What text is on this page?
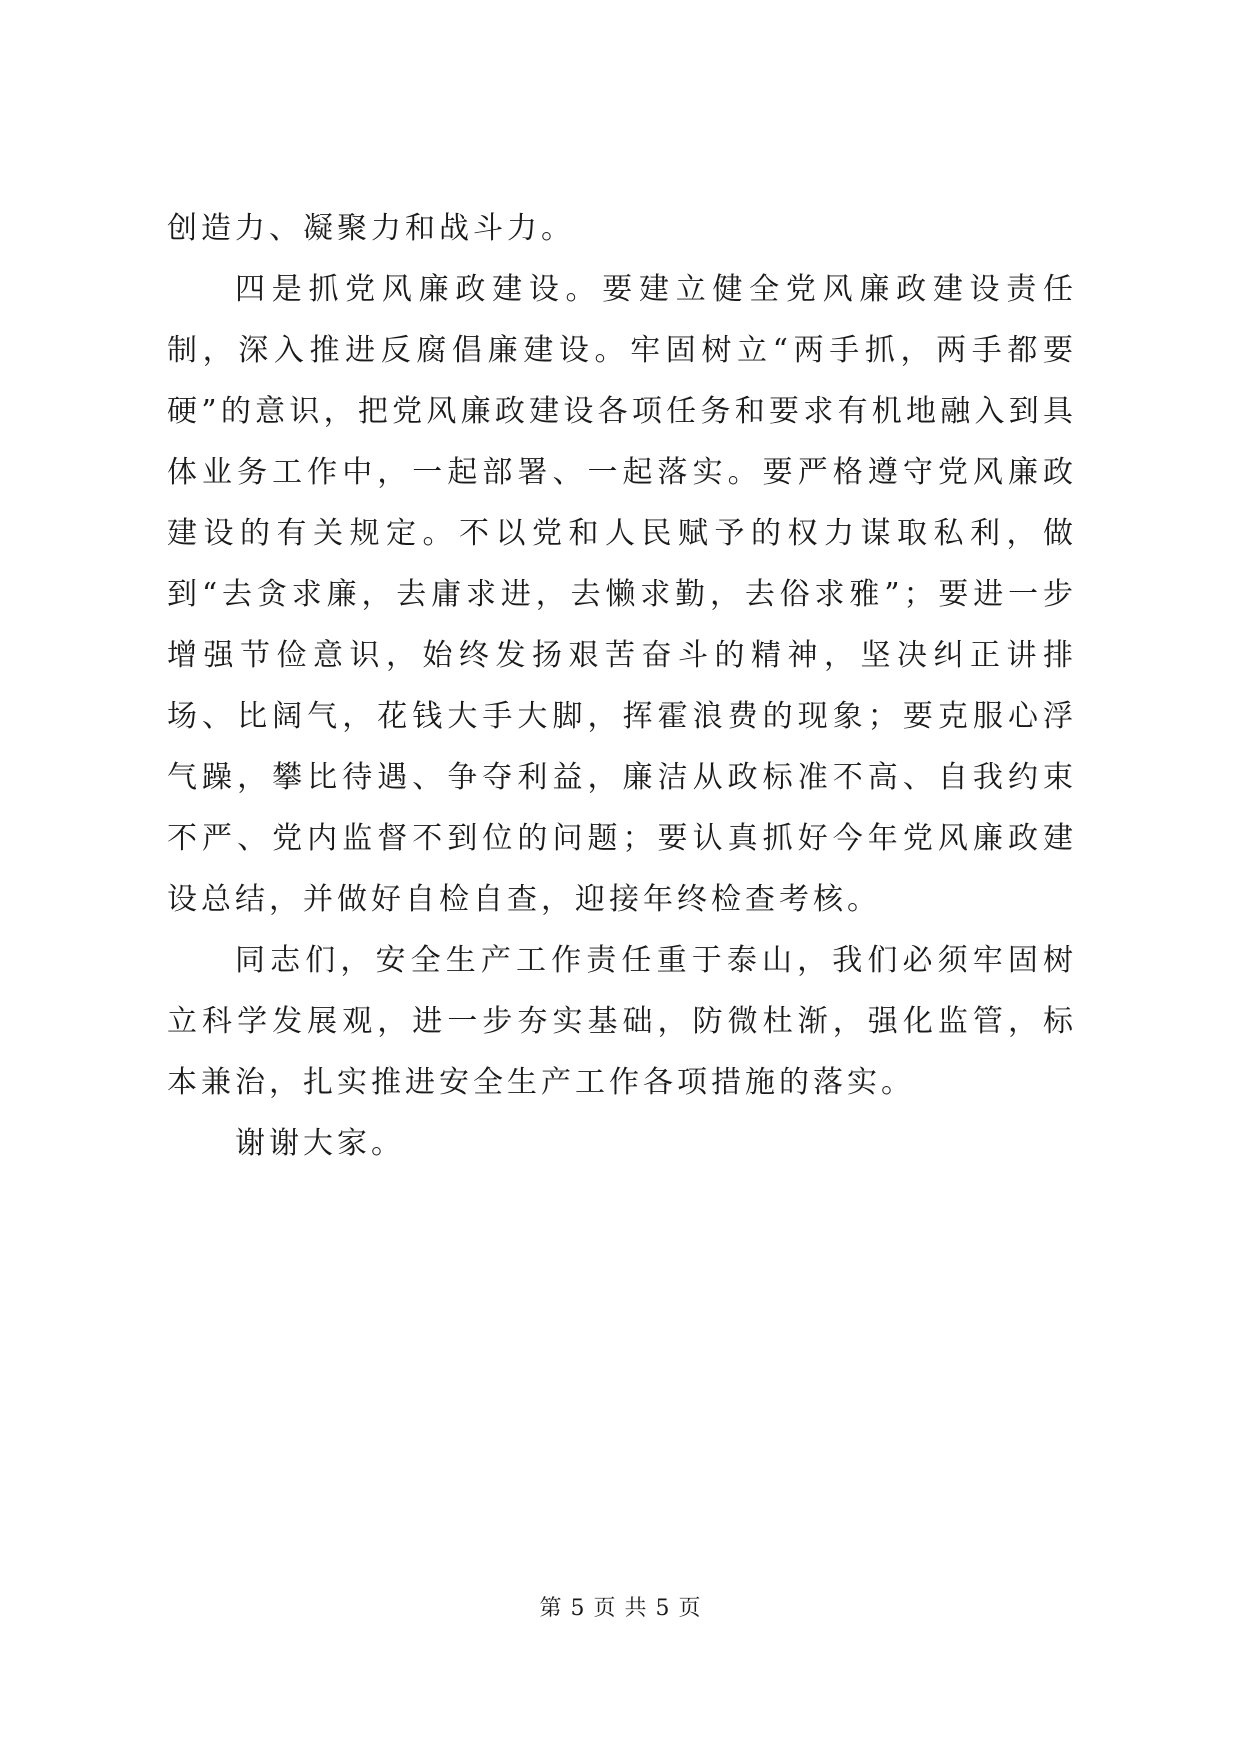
创造力、凝聚力和战斗力。

四是抓党风廉政建设。要建立健全党风廉政建设责任制，深入推进反腐倡廉建设。牢固树立“两手抓，两手都要硬”的意识，把党风廉政建设各项任务和要求有机地融入到具体业务工作中，一起部署、一起落实。要严格遵守党风廉政建设的有关规定。不以党和人民赋予的权力谋取私利，做到“去贪求廉，去庸求进，去懒求勤，去俗求雅”；要进一步增强节俭意识，始终发扬艰苦奋斗的精神，坚决纠正讲排场、比阔气，花钱大手大脚，挥霍浪费的现象；要克服心浮气躁，攀比待遇、争夺利益，廉洁从政标准不高、自我约束不严、党内监督不到位的问题；要认真抓好今年党风廉政建设总结，并做好自检自查，迎接年终检查考核。

同志们，安全生产工作责任重于泰山，我们必须牢固树立科学发展观，进一步夯实基础，防微杜渐，强化监管，标本兼治，扎实推进安全生产工作各项措施的落实。

谢谢大家。

第 5 页 共 5 页
